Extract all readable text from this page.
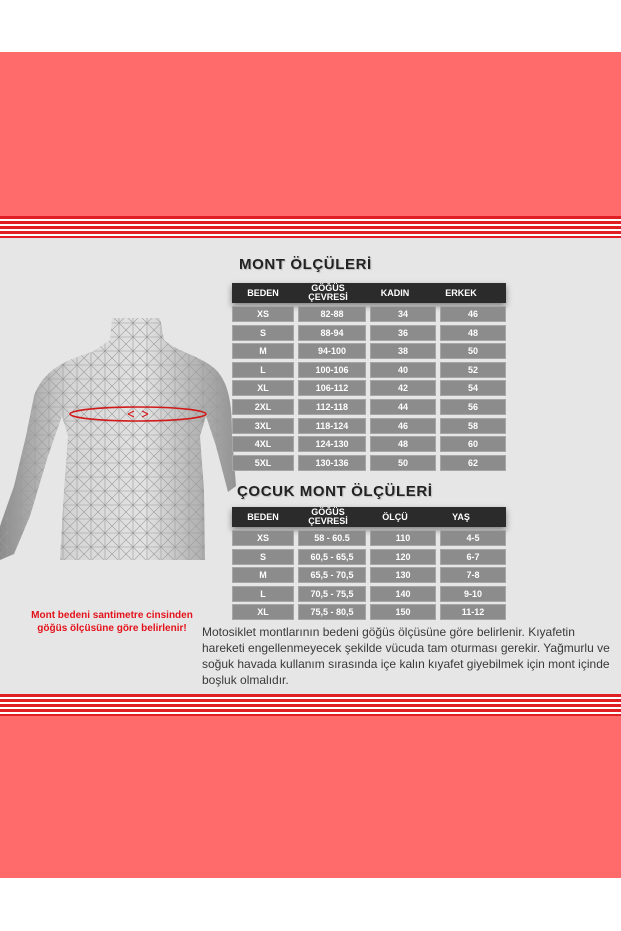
MONT ÖLÇÜLERİ
BEDEN	GÖĞÜS ÇEVRESİ	KADIN	ERKEK
XS	82-88	34	46
S	88-94	36	48
M	94-100	38	50
L	100-106	40	52
XL	106-112	42	54
2XL	112-118	44	56
3XL	118-124	46	58
4XL	124-130	48	60
5XL	130-136	50	62
ÇOCUK MONT ÖLÇÜLERİ
BEDEN	GÖĞÜS ÇEVRESİ	ÖLÇÜ	YAŞ
XS	58 - 60.5	110	4-5
S	60,5 - 65,5	120	6-7
M	65,5 - 70,5	130	7-8
L	70,5 - 75,5	140	9-10
XL	75,5 - 80,5	150	11-12
Mont bedeni santimetre cinsinden göğüs ölçüsüne göre belirlenir!	Motosiklet montlarının bedeni göğüs ölçüsüne göre belirlenir. Kıyafetin hareketi engellenmeyecek şekilde vücuda tam oturması gerekir. Yağmurlu ve soğuk havada kullanım sırasında içe kalın kıyafet giyebilmek için mont içinde boşluk olmalıdır.
